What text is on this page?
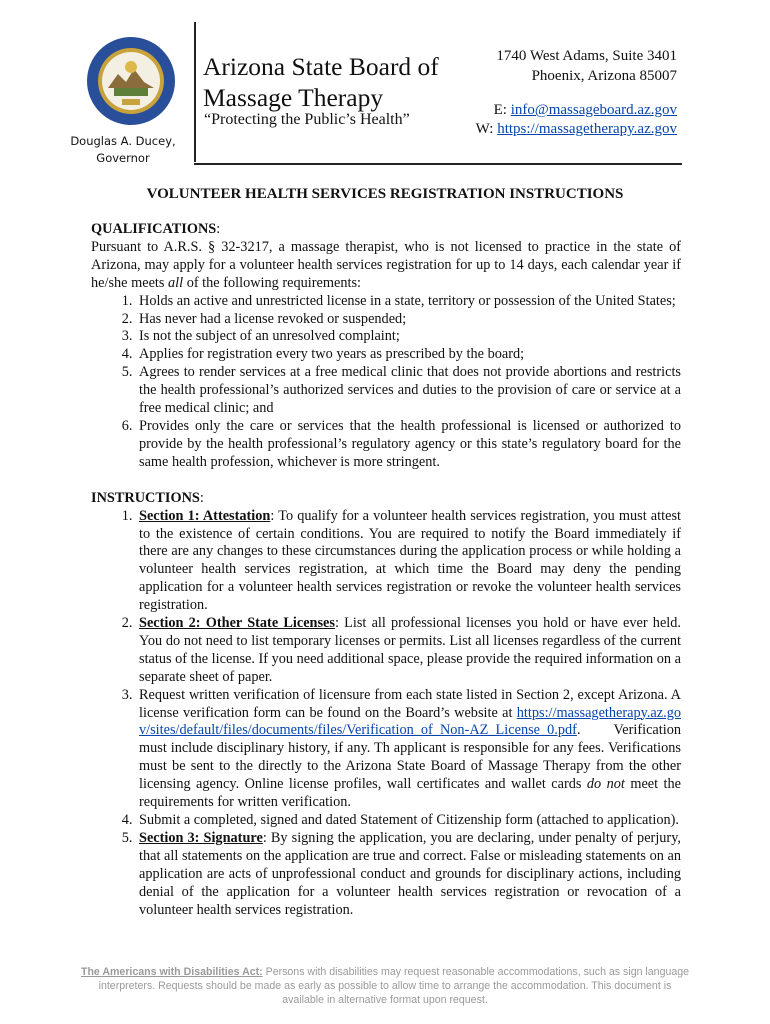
Douglas A. Ducey,
Governor
Arizona State Board of Massage Therapy
“Protecting the Public’s Health”
1740 West Adams, Suite 3401
Phoenix, Arizona 85007
E: info@massageboard.az.gov
W: https://massagetherapy.az.gov
VOLUNTEER HEALTH SERVICES REGISTRATION INSTRUCTIONS
QUALIFICATIONS:

Pursuant to A.R.S. § 32-3217, a massage therapist, who is not licensed to practice in the state of Arizona, may apply for a volunteer health services registration for up to 14 days, each calendar year if he/she meets all of the following requirements:

1. Holds an active and unrestricted license in a state, territory or possession of the United States;
2. Has never had a license revoked or suspended;
3. Is not the subject of an unresolved complaint;
4. Applies for registration every two years as prescribed by the board;
5. Agrees to render services at a free medical clinic that does not provide abortions and restricts the health professional’s authorized services and duties to the provision of care or service at a free medical clinic; and
6. Provides only the care or services that the health professional is licensed or authorized to provide by the health professional’s regulatory agency or this state’s regulatory board for the same health profession, whichever is more stringent.
INSTRUCTIONS:
1. Section 1: Attestation: To qualify for a volunteer health services registration, you must attest to the existence of certain conditions. You are required to notify the Board immediately if there are any changes to these circumstances during the application process or while holding a volunteer health services registration, at which time the Board may deny the pending application for a volunteer health services registration or revoke the volunteer health services registration.
2. Section 2: Other State Licenses: List all professional licenses you hold or have ever held. You do not need to list temporary licenses or permits. List all licenses regardless of the current status of the license. If you need additional space, please provide the required information on a separate sheet of paper.
3. Request written verification of licensure from each state listed in Section 2, except Arizona. A license verification form can be found on the Board’s website at https://massagetherapy.az.gov/sites/default/files/documents/files/Verification_of_Non-AZ_License_0.pdf. Verification must include disciplinary history, if any. Th applicant is responsible for any fees. Verifications must be sent to the directly to the Arizona State Board of Massage Therapy from the other licensing agency. Online license profiles, wall certificates and wallet cards do not meet the requirements for written verification.
4. Submit a completed, signed and dated Statement of Citizenship form (attached to application).
5. Section 3: Signature: By signing the application, you are declaring, under penalty of perjury, that all statements on the application are true and correct. False or misleading statements on an application are acts of unprofessional conduct and grounds for disciplinary actions, including denial of the application for a volunteer health services registration or revocation of a volunteer health services registration.
The Americans with Disabilities Act: Persons with disabilities may request reasonable accommodations, such as sign language interpreters. Requests should be made as early as possible to allow time to arrange the accommodation. This document is available in alternative format upon request.
